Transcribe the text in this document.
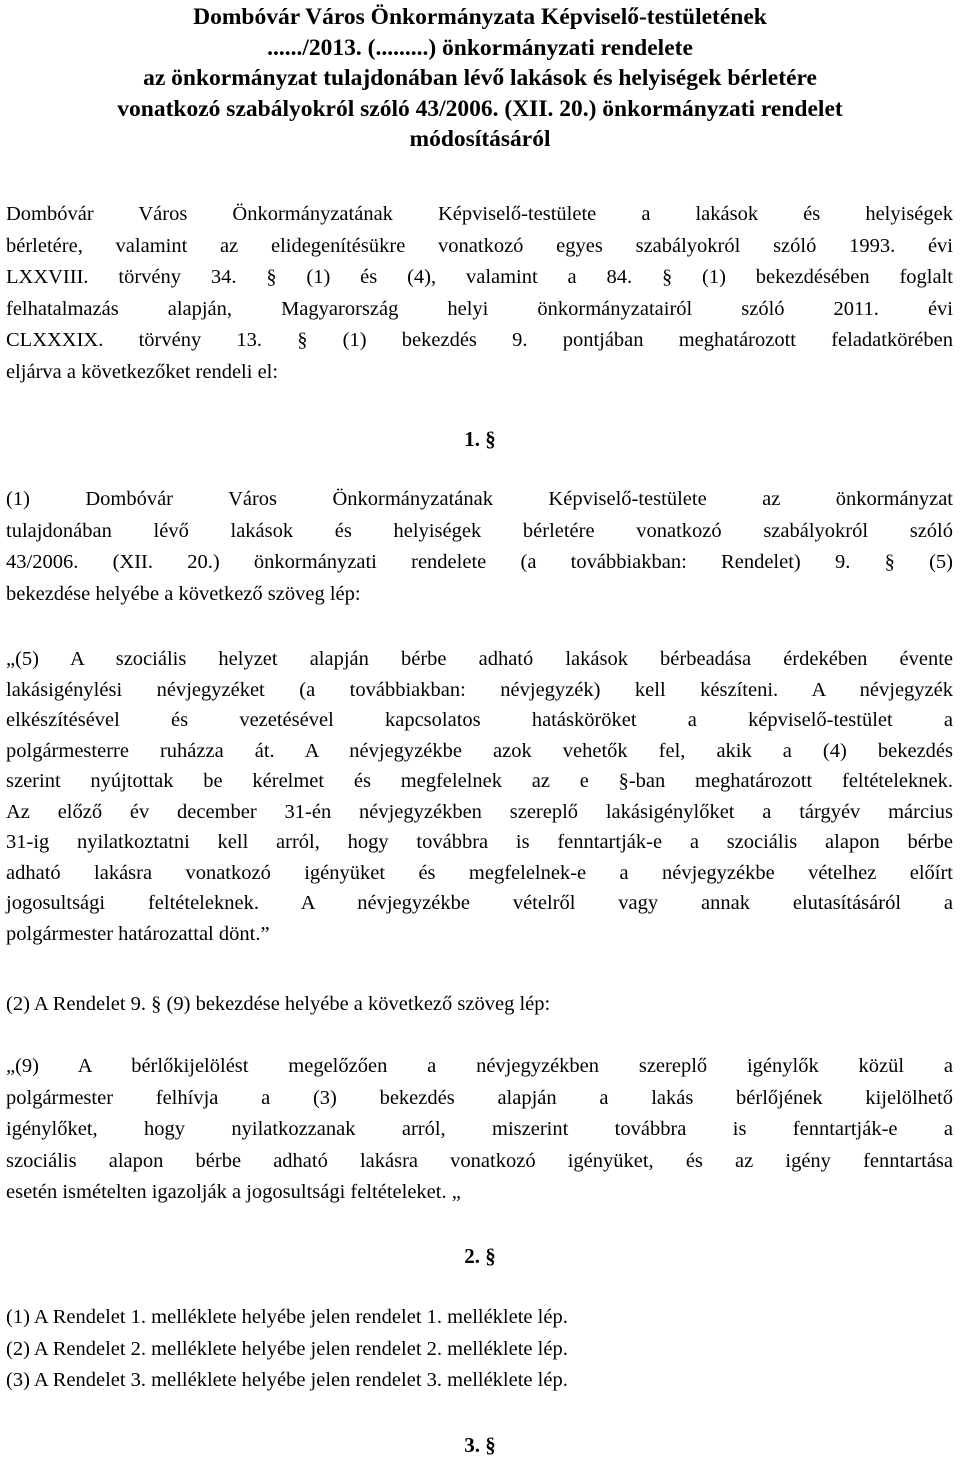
Dombóvár Város Önkormányzata Képviselő-testületének
....../2013. (.........) önkormányzati rendelete
az önkormányzat tulajdonában lévő lakások és helyiségek bérletére
vonatkozó szabályokról szóló 43/2006. (XII. 20.) önkormányzati rendelet
módosításáról

Dombóvár Város Önkormányzatának Képviselő-testülete a lakások és helyiségek
bérletére, valamint az elidegenítésükre vonatkozó egyes szabályokról szóló 1993. évi
LXXVIII. törvény 34. § (1) és (4), valamint a 84. § (1) bekezdésében foglalt
felhatalmazás alapján, Magyarország helyi önkormányzatairól szóló 2011. évi
CLXXXIX. törvény 13. § (1) bekezdés 9. pontjában meghatározott feladatkörében
eljárva a következőket rendeli el:

1. §

(1) Dombóvár Város Önkormányzatának Képviselő-testülete az önkormányzat
tulajdonában lévő lakások és helyiségek bérletére vonatkozó szabályokról szóló
43/2006. (XII. 20.) önkormányzati rendelete (a továbbiakban: Rendelet) 9. § (5)
bekezdése helyébe a következő szöveg lép:

„(5) A szociális helyzet alapján bérbe adható lakások bérbeadása érdekében évente
lakásigénylési névjegyzéket (a továbbiakban: névjegyzék) kell készíteni. A névjegyzék
elkészítésével és vezetésével kapcsolatos hatásköröket a képviselő-testület a
polgármesterre ruházza át. A névjegyzékbe azok vehetők fel, akik a (4) bekezdés
szerint nyújtottak be kérelmet és megfelelnek az e §-ban meghatározott feltételeknek.
Az előző év december 31-én névjegyzékben szereplő lakásigénylőket a tárgyév március
31-ig nyilatkoztatni kell arról, hogy továbbra is fenntartják-e a szociális alapon bérbe
adható lakásra vonatkozó igényüket és megfelelnek-e a névjegyzékbe vételhez előírt
jogosultsági feltételeknek. A névjegyzékbe vételről vagy annak elutasításáról a
polgármester határozattal dönt.”

(2) A Rendelet 9. § (9) bekezdése helyébe a következő szöveg lép:

„(9) A bérlőkijelölést megelőzően a névjegyzékben szereplő igénylők közül a
polgármester felhívja a (3) bekezdés alapján a lakás bérlőjének kijelölhető
igénylőket, hogy nyilatkozzanak arról, miszerint továbbra is fenntartják-e a
szociális alapon bérbe adható lakásra vonatkozó igényüket, és az igény fenntartása
esetén ismételten igazolják a jogosultsági feltételeket. „

2. §
(1) A Rendelet 1. melléklete helyébe jelen rendelet 1. melléklete lép.
(2) A Rendelet 2. melléklete helyébe jelen rendelet 2. melléklete lép.
(3) A Rendelet 3. melléklete helyébe jelen rendelet 3. melléklete lép.
3. §
